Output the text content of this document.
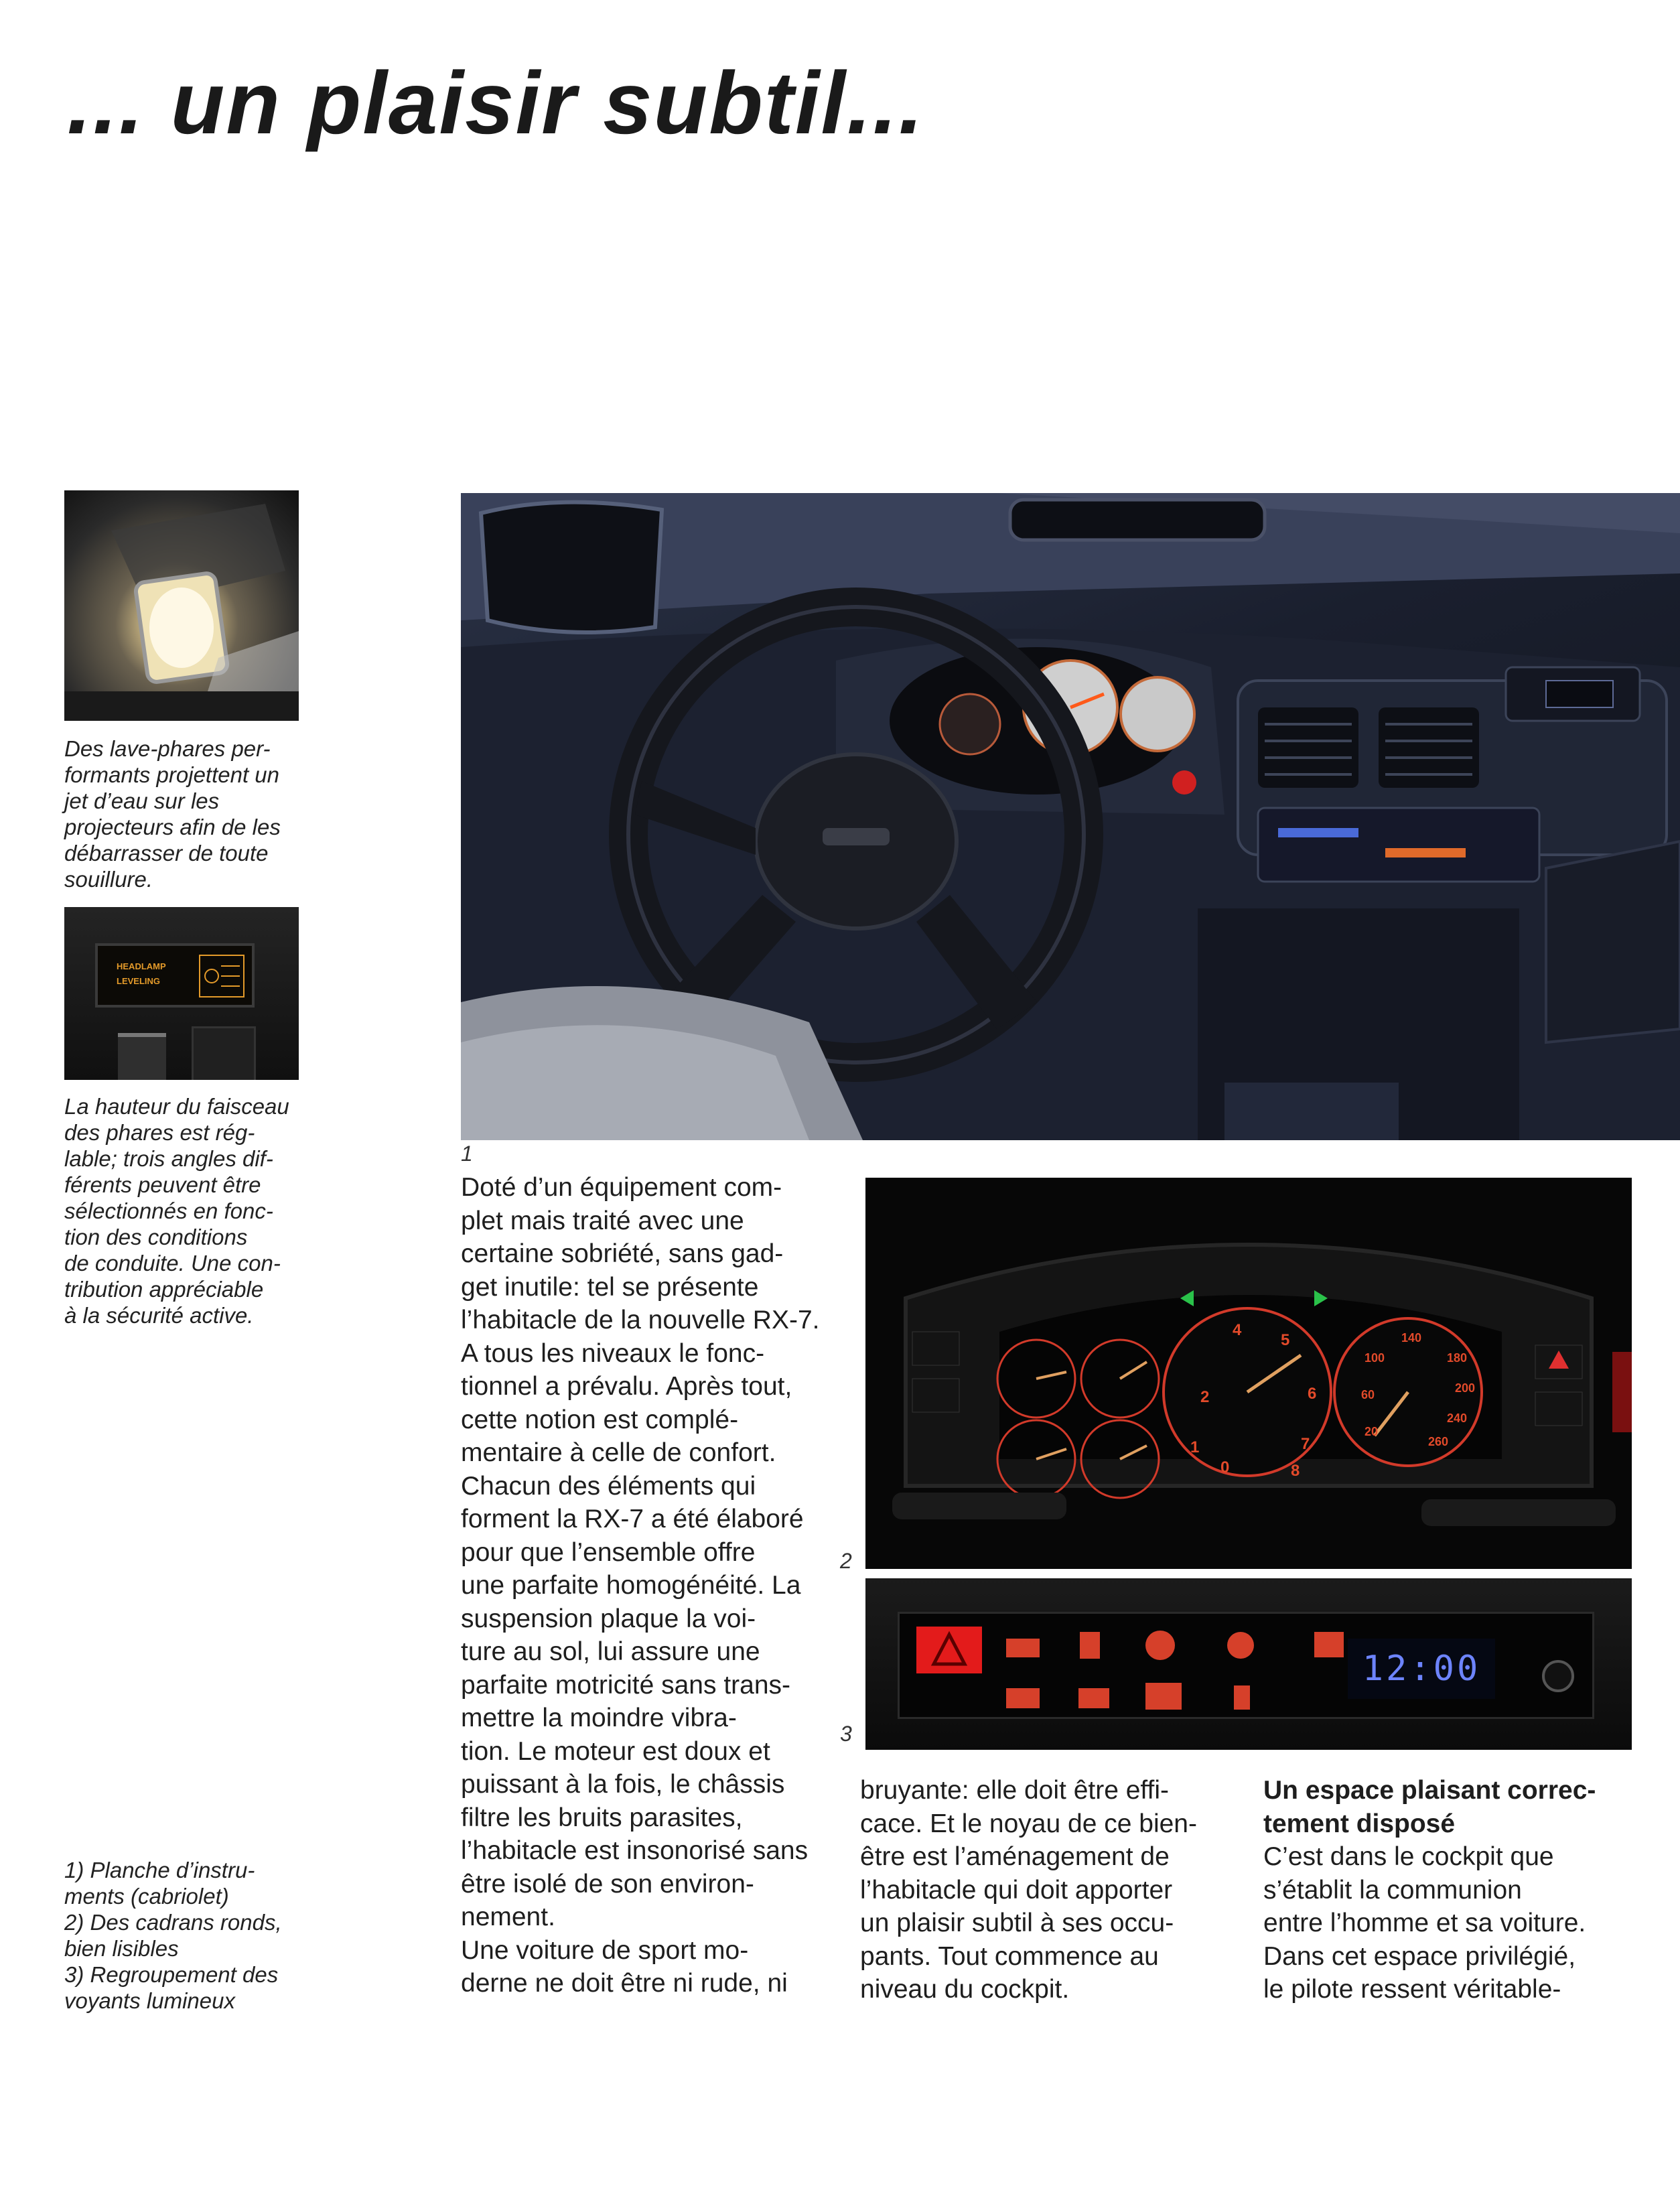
... un plaisir subtil...
Des lave-phares per-
formants projettent un
jet d’eau sur les
projecteurs afin de les
débarrasser de toute
souillure.
HEADLAMP
LEVELING
La hauteur du faisceau
des phares est rég-
lable; trois angles dif-
férents peuvent être
sélectionnés en fonc-
tion des conditions
de conduite. Une con-
tribution appréciable
à la sécurité active.
1) Planche d’instru-
ments (cabriolet)
2) Des cadrans ronds,
bien lisibles
3) Regroupement des
voyants lumineux
1
2
4
5
6
1
0
7
8
100
140
180
200
240
60
20
260
2
12:00
3
Doté d’un équipement com-
plet mais traité avec une
certaine sobriété, sans gad-
get inutile: tel se présente
l’habitacle de la nouvelle RX-7.
A tous les niveaux le fonc-
tionnel a prévalu. Après tout,
cette notion est complé-
mentaire à celle de confort.
Chacun des éléments qui
forment la RX-7 a été élaboré
pour que l’ensemble offre
une parfaite homogénéité. La
suspension plaque la voi-
ture au sol, lui assure une
parfaite motricité sans trans-
mettre la moindre vibra-
tion. Le moteur est doux et
puissant à la fois, le châssis
filtre les bruits parasites,
l’habitacle est insonorisé sans
être isolé de son environ-
nement.
Une voiture de sport mo-
derne ne doit être ni rude, ni
bruyante: elle doit être effi-
cace. Et le noyau de ce bien-
être est l’aménagement de
l’habitacle qui doit apporter
un plaisir subtil à ses occu-
pants. Tout commence au
niveau du cockpit.
Un espace plaisant correc-
tement disposé
C’est dans le cockpit que
s’établit la communion
entre l’homme et sa voiture.
Dans cet espace privilégié,
le pilote ressent véritable-
